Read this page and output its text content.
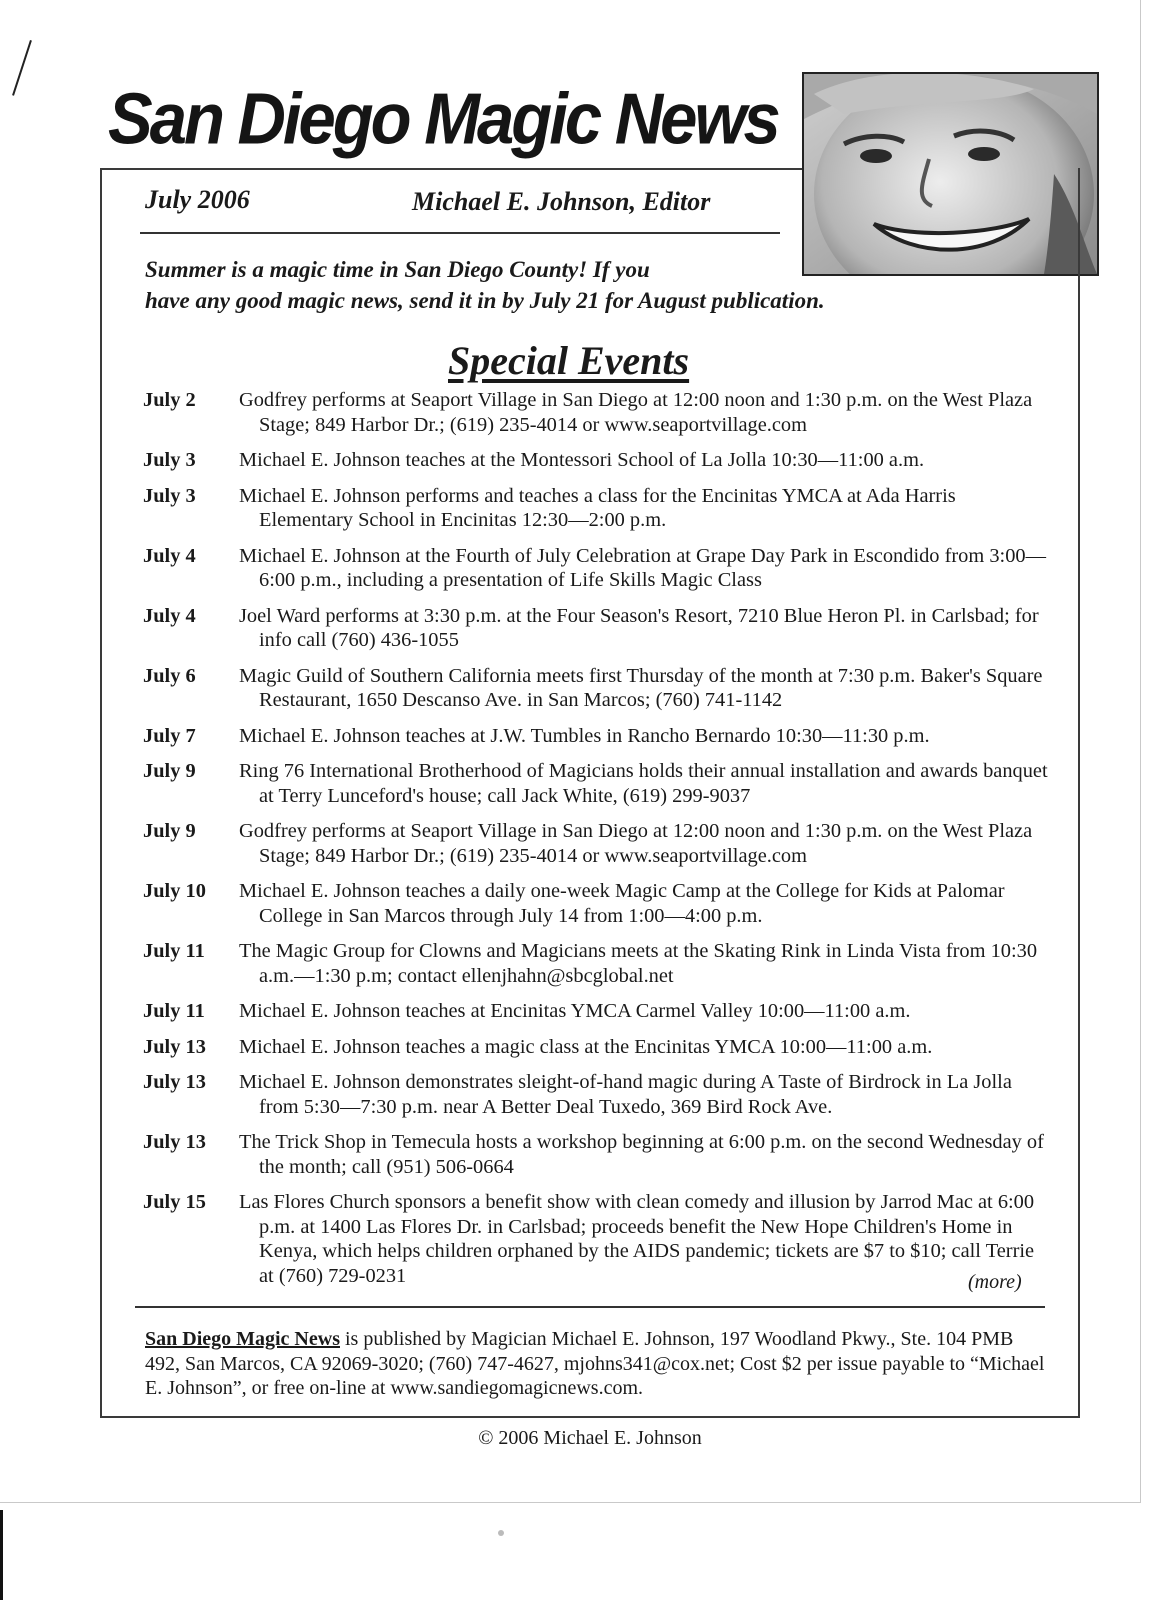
San Diego Magic News
July 2006	Michael E. Johnson, Editor
Summer is a magic time in San Diego County! If you
have any good magic news, send it in by July 21 for August publication.
Special Events
July 2	Godfrey performs at Seaport Village in San Diego at 12:00 noon and 1:30 p.m. on the West Plaza Stage; 849 Harbor Dr.; (619) 235-4014 or www.seaportvillage.com
July 3	Michael E. Johnson teaches at the Montessori School of La Jolla 10:30—11:00 a.m.
July 3	Michael E. Johnson performs and teaches a class for the Encinitas YMCA at Ada Harris Elementary School in Encinitas 12:30—2:00 p.m.
July 4	Michael E. Johnson at the Fourth of July Celebration at Grape Day Park in Escondido from 3:00—6:00 p.m., including a presentation of Life Skills Magic Class
July 4	Joel Ward performs at 3:30 p.m. at the Four Season's Resort, 7210 Blue Heron Pl. in Carlsbad; for info call (760) 436-1055
July 6	Magic Guild of Southern California meets first Thursday of the month at 7:30 p.m. Baker's Square Restaurant, 1650 Descanso Ave. in San Marcos; (760) 741-1142
July 7	Michael E. Johnson teaches at J.W. Tumbles in Rancho Bernardo 10:30—11:30 p.m.
July 9	Ring 76 International Brotherhood of Magicians holds their annual installation and awards banquet at Terry Lunceford's house; call Jack White, (619) 299-9037
July 9	Godfrey performs at Seaport Village in San Diego at 12:00 noon and 1:30 p.m. on the West Plaza Stage; 849 Harbor Dr.; (619) 235-4014 or www.seaportvillage.com
July 10	Michael E. Johnson teaches a daily one-week Magic Camp at the College for Kids at Palomar College in San Marcos through July 14 from 1:00—4:00 p.m.
July 11	The Magic Group for Clowns and Magicians meets at the Skating Rink in Linda Vista from 10:30 a.m.—1:30 p.m; contact ellenjhahn@sbcglobal.net
July 11	Michael E. Johnson teaches at Encinitas YMCA Carmel Valley 10:00—11:00 a.m.
July 13	Michael E. Johnson teaches a magic class at the Encinitas YMCA 10:00—11:00 a.m.
July 13	Michael E. Johnson demonstrates sleight-of-hand magic during A Taste of Birdrock in La Jolla from 5:30—7:30 p.m. near A Better Deal Tuxedo, 369 Bird Rock Ave.
July 13	The Trick Shop in Temecula hosts a workshop beginning at 6:00 p.m. on the second Wednesday of the month; call (951) 506-0664
July 15	Las Flores Church sponsors a benefit show with clean comedy and illusion by Jarrod Mac at 6:00 p.m. at 1400 Las Flores Dr. in Carlsbad; proceeds benefit the New Hope Children's Home in Kenya, which helps children orphaned by the AIDS pandemic; tickets are $7 to $10; call Terrie at (760) 729-0231	(more)
San Diego Magic News is published by Magician Michael E. Johnson, 197 Woodland Pkwy., Ste. 104 PMB 492, San Marcos, CA 92069-3020; (760) 747-4627, mjohns341@cox.net; Cost $2 per issue payable to “Michael E. Johnson”, or free on-line at www.sandiegomagicnews.com.
© 2006 Michael E. Johnson
